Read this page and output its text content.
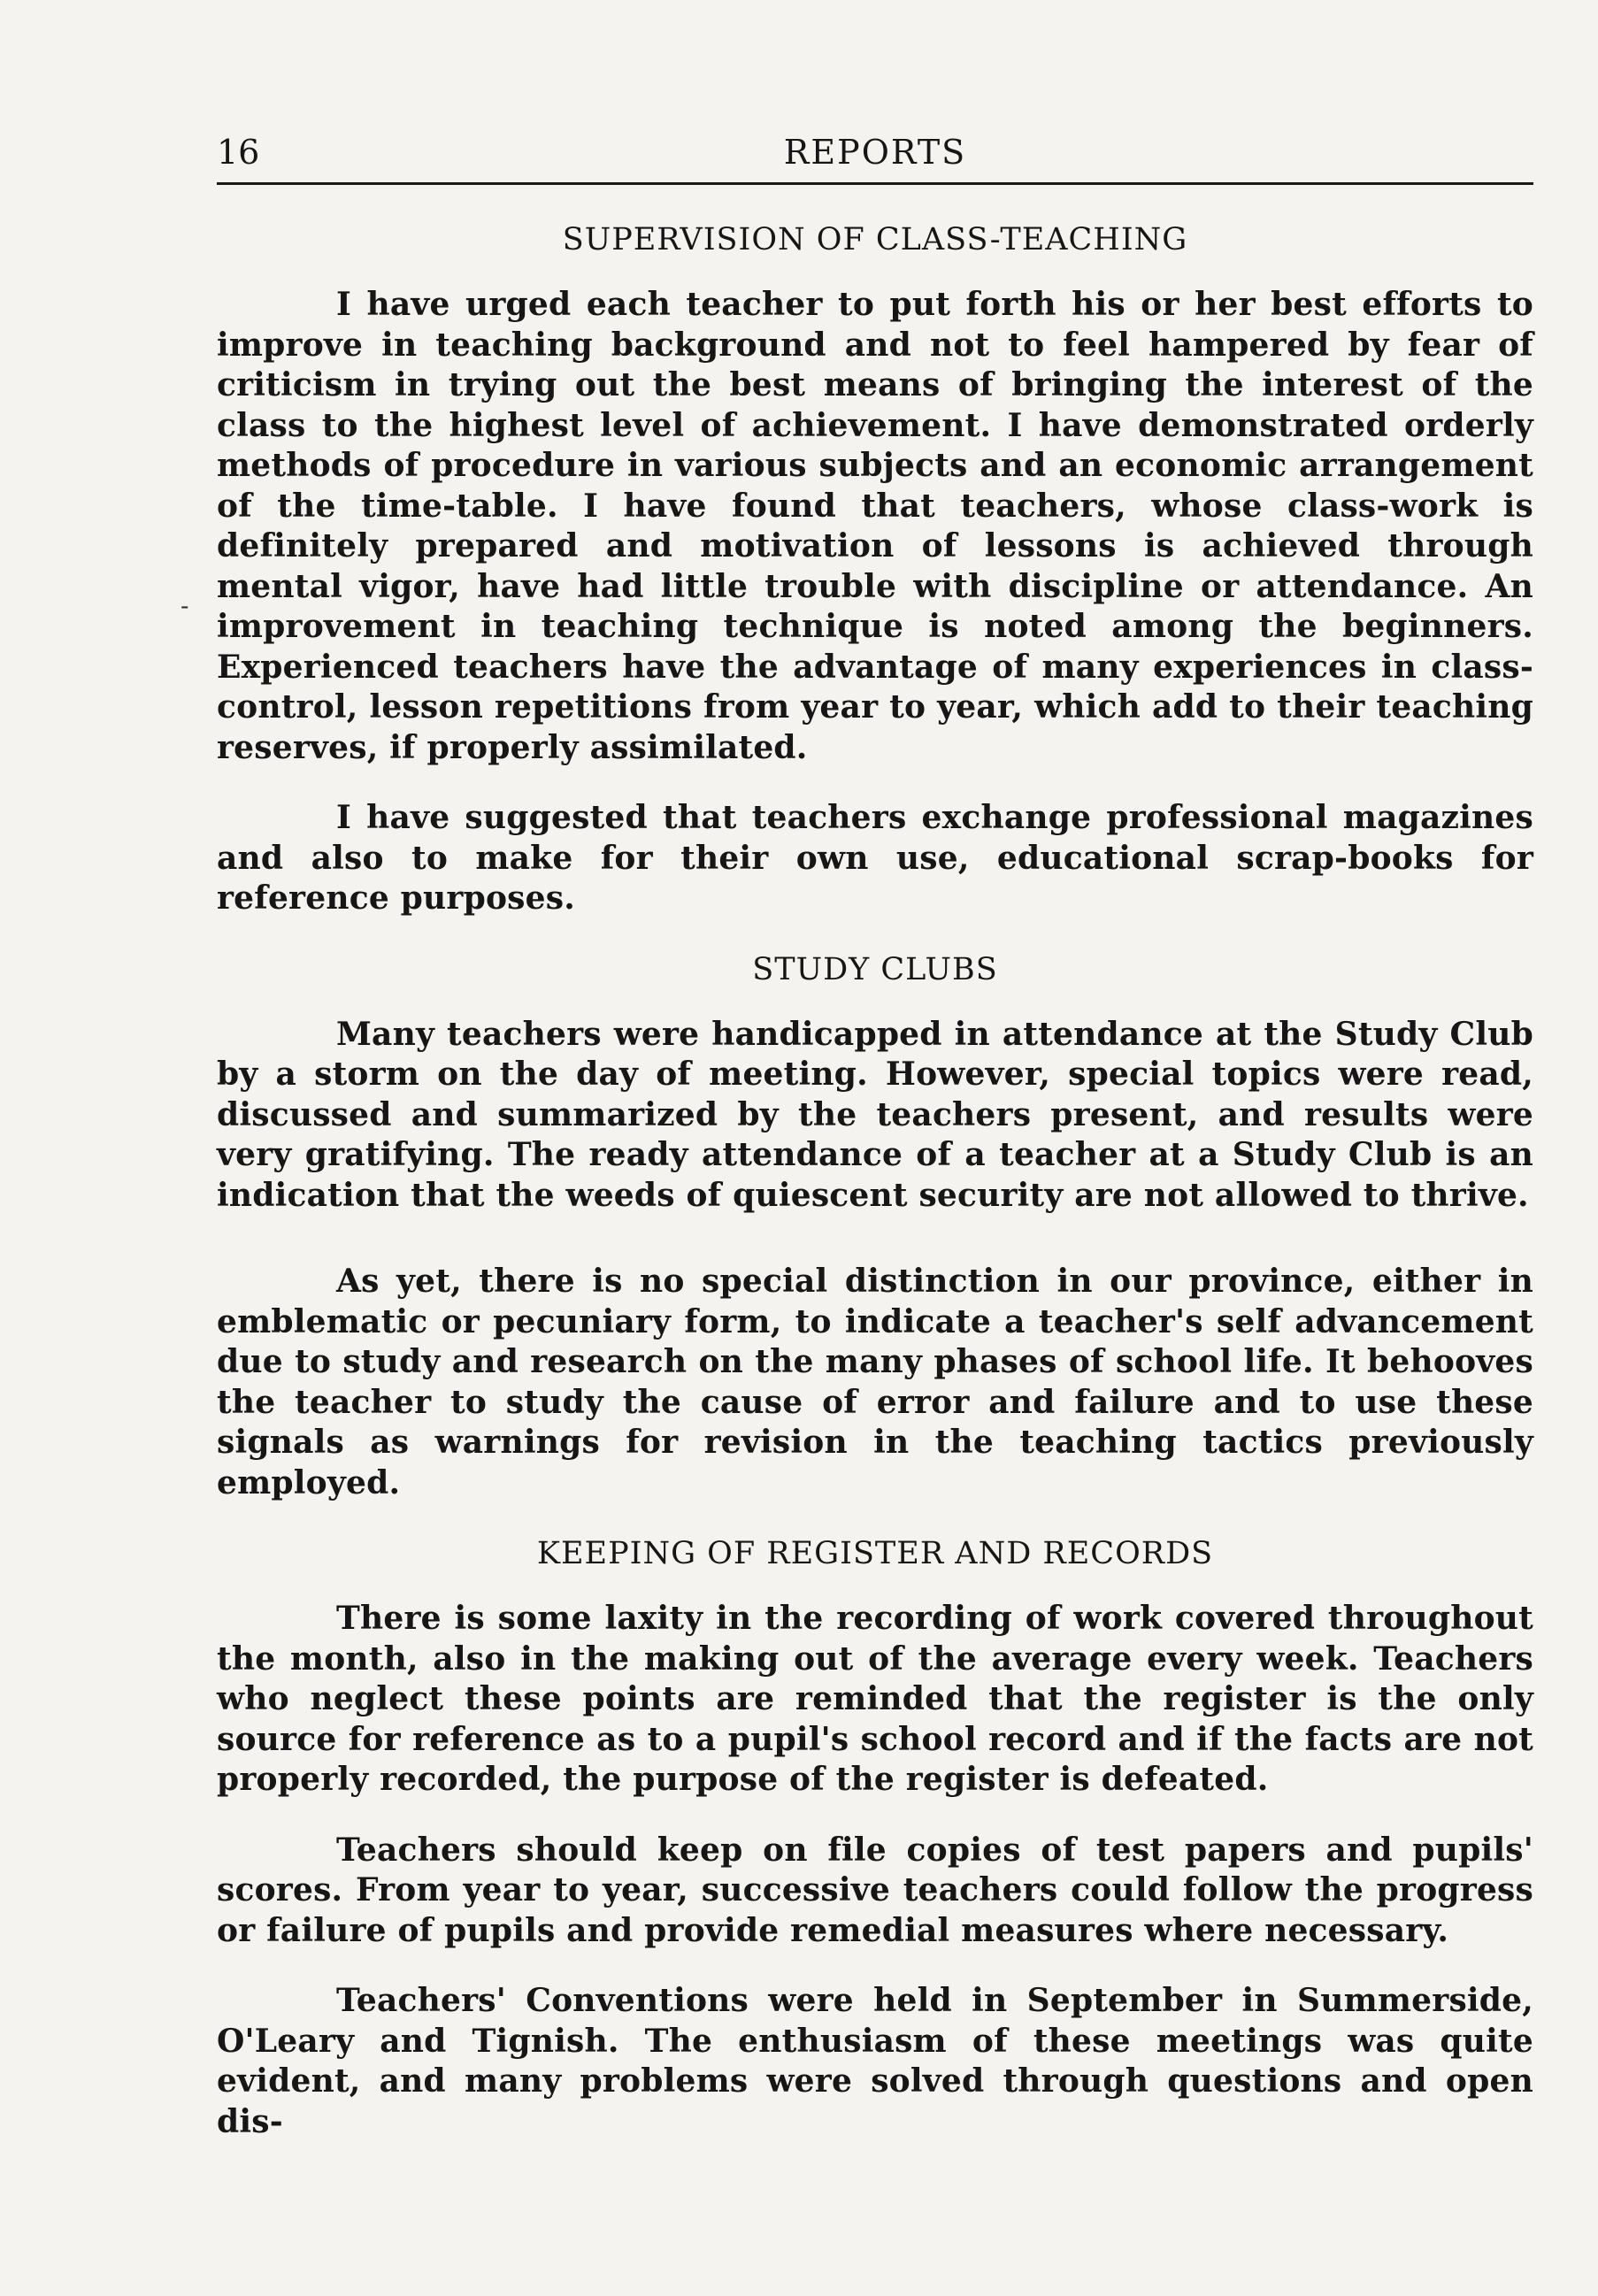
16	REPORTS
-
SUPERVISION OF CLASS-TEACHING

I have urged each teacher to put forth his or her best efforts to improve in teaching background and not to feel hampered by fear of criticism in trying out the best means of bringing the interest of the class to the highest level of achievement. I have demonstrated orderly methods of procedure in various subjects and an economic arrangement of the time-table. I have found that teachers, whose class-work is definitely prepared and motivation of lessons is achieved through mental vigor, have had little trouble with discipline or attendance. An improvement in teaching technique is noted among the beginners. Experienced teachers have the advantage of many experiences in class-control, lesson repetitions from year to year, which add to their teaching reserves, if properly assimilated.

I have suggested that teachers exchange professional magazines and also to make for their own use, educational scrap-books for reference purposes.

STUDY CLUBS

Many teachers were handicapped in attendance at the Study Club by a storm on the day of meeting. However, special topics were read, discussed and summarized by the teachers present, and results were very gratifying. The ready attendance of a teacher at a Study Club is an indication that the weeds of quiescent security are not allowed to thrive.

As yet, there is no special distinction in our province, either in emblematic or pecuniary form, to indicate a teacher's self advancement due to study and research on the many phases of school life. It behooves the teacher to study the cause of error and failure and to use these signals as warnings for revision in the teaching tactics previously employed.

KEEPING OF REGISTER AND RECORDS

There is some laxity in the recording of work covered throughout the month, also in the making out of the average every week. Teachers who neglect these points are reminded that the register is the only source for reference as to a pupil's school record and if the facts are not properly recorded, the purpose of the register is defeated.

Teachers should keep on file copies of test papers and pupils' scores. From year to year, successive teachers could follow the progress or failure of pupils and provide remedial measures where necessary.

Teachers' Conventions were held in September in Summerside, O'Leary and Tignish. The enthusiasm of these meetings was quite evident, and many problems were solved through questions and open dis-
